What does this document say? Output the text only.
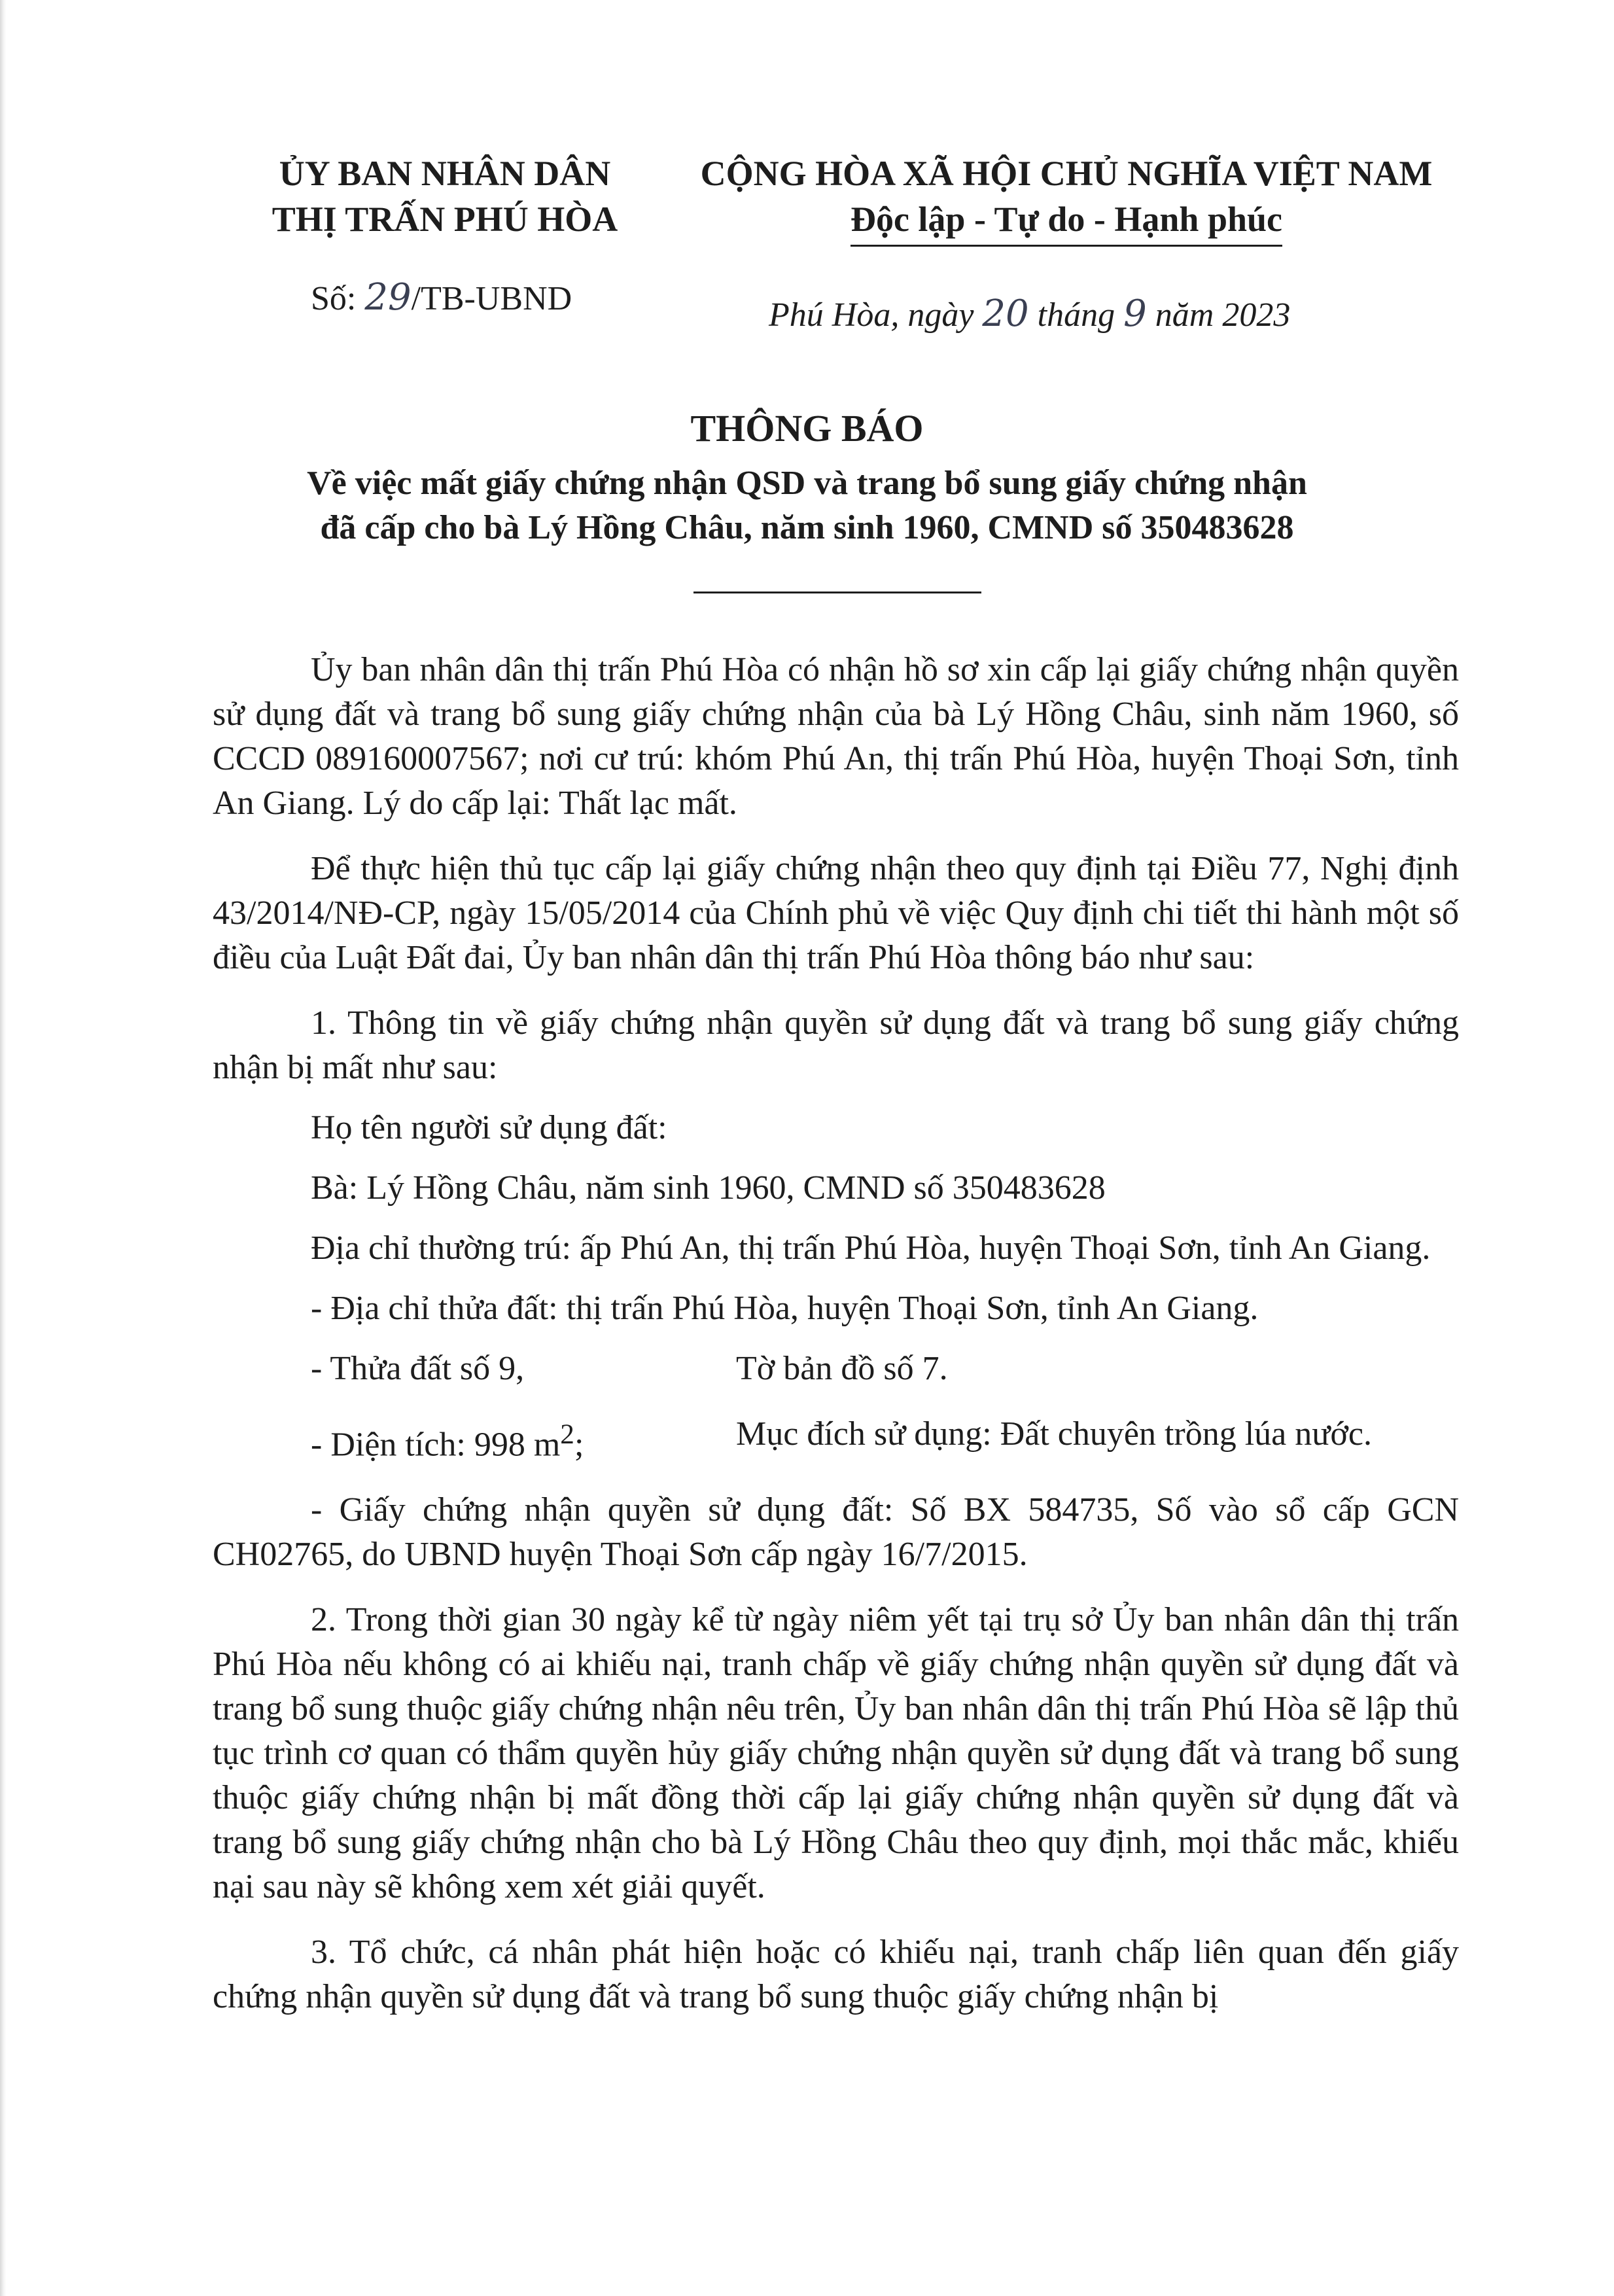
ỦY BAN NHÂN DÂN
THỊ TRẤN PHÚ HÒA
CỘNG HÒA XÃ HỘI CHỦ NGHĨA VIỆT NAM
Độc lập - Tự do - Hạnh phúc
Số: 29/TB-UBND	Phú Hòa, ngày 20 tháng 9 năm 2023
THÔNG BÁO
Về việc mất giấy chứng nhận QSD và trang bổ sung giấy chứng nhận
đã cấp cho bà Lý Hồng Châu, năm sinh 1960, CMND số 350483628

Ủy ban nhân dân thị trấn Phú Hòa có nhận hồ sơ xin cấp lại giấy chứng nhận quyền sử dụng đất và trang bổ sung giấy chứng nhận của bà Lý Hồng Châu, sinh năm 1960, số CCCD 089160007567; nơi cư trú: khóm Phú An, thị trấn Phú Hòa, huyện Thoại Sơn, tỉnh An Giang. Lý do cấp lại: Thất lạc mất.

Để thực hiện thủ tục cấp lại giấy chứng nhận theo quy định tại Điều 77, Nghị định 43/2014/NĐ-CP, ngày 15/05/2014 của Chính phủ về việc Quy định chi tiết thi hành một số điều của Luật Đất đai, Ủy ban nhân dân thị trấn Phú Hòa thông báo như sau:

1. Thông tin về giấy chứng nhận quyền sử dụng đất và trang bổ sung giấy chứng nhận bị mất như sau:

Họ tên người sử dụng đất:

Bà: Lý Hồng Châu, năm sinh 1960, CMND số 350483628

Địa chỉ thường trú: ấp Phú An, thị trấn Phú Hòa, huyện Thoại Sơn, tỉnh An Giang.

- Địa chỉ thửa đất: thị trấn Phú Hòa, huyện Thoại Sơn, tỉnh An Giang.

- Thửa đất số 9,	Tờ bản đồ số 7.
- Diện tích: 998 $m^2$;	Mục đích sử dụng: Đất chuyên trồng lúa nước.

- Giấy chứng nhận quyền sử dụng đất: Số BX 584735, Số vào sổ cấp GCN CH02765, do UBND huyện Thoại Sơn cấp ngày 16/7/2015.

2. Trong thời gian 30 ngày kể từ ngày niêm yết tại trụ sở Ủy ban nhân dân thị trấn Phú Hòa nếu không có ai khiếu nại, tranh chấp về giấy chứng nhận quyền sử dụng đất và trang bổ sung thuộc giấy chứng nhận nêu trên, Ủy ban nhân dân thị trấn Phú Hòa sẽ lập thủ tục trình cơ quan có thẩm quyền hủy giấy chứng nhận quyền sử dụng đất và trang bổ sung thuộc giấy chứng nhận bị mất đồng thời cấp lại giấy chứng nhận quyền sử dụng đất và trang bổ sung giấy chứng nhận cho bà Lý Hồng Châu theo quy định, mọi thắc mắc, khiếu nại sau này sẽ không xem xét giải quyết.

3. Tổ chức, cá nhân phát hiện hoặc có khiếu nại, tranh chấp liên quan đến giấy chứng nhận quyền sử dụng đất và trang bổ sung thuộc giấy chứng nhận bị
